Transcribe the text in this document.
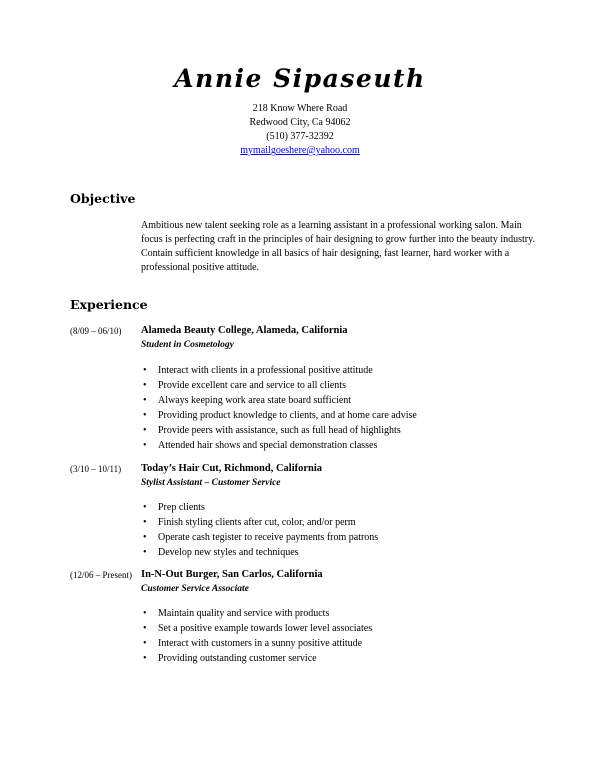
Annie Sipaseuth
218 Know Where Road
Redwood City, Ca 94062
(510) 377-32392
mymailgoeshere@yahoo.com
Objective
Ambitious new talent seeking role as a learning assistant in a professional working salon. Main focus is perfecting craft in the principles of hair designing to grow further into the beauty industry. Contain sufficient knowledge in all basics of hair designing, fast learner, hard worker with a professional positive attitude.
Experience
(8/09 – 06/10) Alameda Beauty College, Alameda, California
Student in Cosmetology
• Interact with clients in a professional positive attitude
• Provide excellent care and service to all clients
• Always keeping work area state board sufficient
• Providing product knowledge to clients, and at home care advise
• Provide peers with assistance, such as full head of highlights
• Attended hair shows and special demonstration classes
(3/10 – 10/11) Today’s Hair Cut, Richmond, California
Stylist Assistant – Customer Service
• Prep clients
• Finish styling clients after cut, color, and/or perm
• Operate cash tegister to receive payments from patrons
• Develop new styles and techniques
(12/06 – Present) In-N-Out Burger, San Carlos, California
Customer Service Associate
• Maintain quality and service with products
• Set a positive example towards lower level associates
• Interact with customers in a sunny positive attitude
• Providing outstanding customer service
